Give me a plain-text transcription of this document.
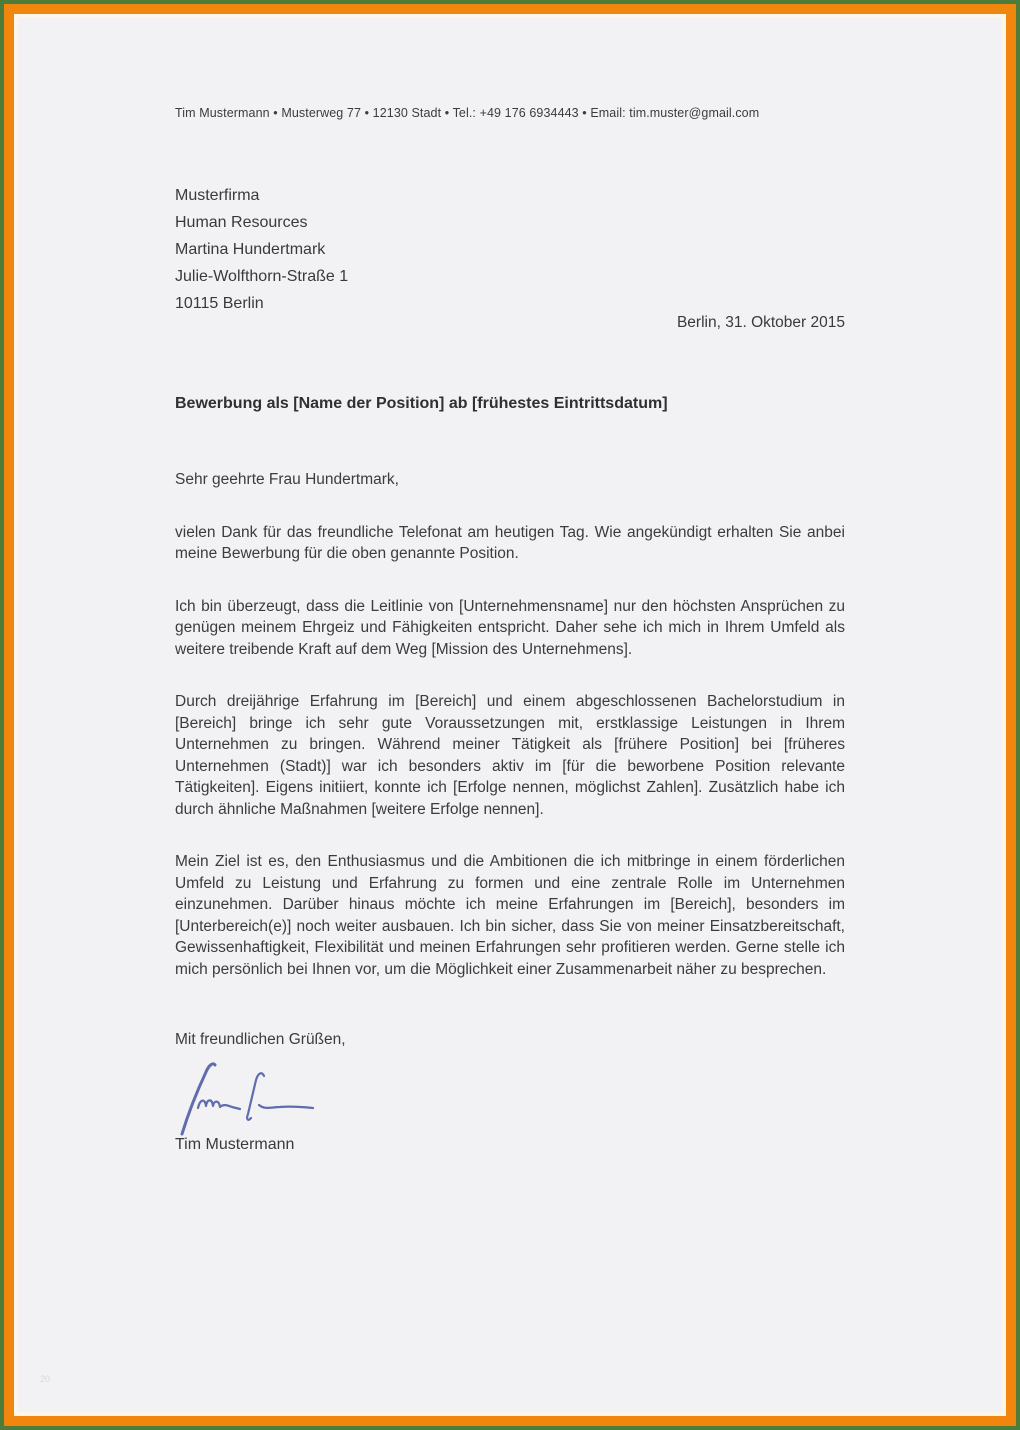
Tim Mustermann • Musterweg 77 • 12130 Stadt • Tel.: +49 176 6934443 • Email: tim.muster@gmail.com
Musterfirma
Human Resources
Martina Hundertmark
Julie-Wolfthorn-Straße 1
10115 Berlin
Berlin, 31. Oktober 2015
Bewerbung als [Name der Position] ab [frühestes Eintrittsdatum]

Sehr geehrte Frau Hundertmark,

vielen Dank für das freundliche Telefonat am heutigen Tag. Wie angekündigt erhalten Sie anbei meine Bewerbung für die oben genannte Position.

Ich bin überzeugt, dass die Leitlinie von [Unternehmensname] nur den höchsten Ansprüchen zu genügen meinem Ehrgeiz und Fähigkeiten entspricht. Daher sehe ich mich in Ihrem Umfeld als weitere treibende Kraft auf dem Weg [Mission des Unternehmens].

Durch dreijährige Erfahrung im [Bereich] und einem abgeschlossenen Bachelorstudium in [Bereich] bringe ich sehr gute Voraussetzungen mit, erstklassige Leistungen in Ihrem Unternehmen zu bringen. Während meiner Tätigkeit als [frühere Position] bei [früheres Unternehmen (Stadt)] war ich besonders aktiv im [für die beworbene Position relevante Tätigkeiten]. Eigens initiiert, konnte ich [Erfolge nennen, möglichst Zahlen]. Zusätzlich habe ich durch ähnliche Maßnahmen [weitere Erfolge nennen].

Mein Ziel ist es, den Enthusiasmus und die Ambitionen die ich mitbringe in einem förderlichen Umfeld zu Leistung und Erfahrung zu formen und eine zentrale Rolle im Unternehmen einzunehmen. Darüber hinaus möchte ich meine Erfahrungen im [Bereich], besonders im [Unterbereich(e)] noch weiter ausbauen. Ich bin sicher, dass Sie von meiner Einsatzbereitschaft, Gewissenhaftigkeit, Flexibilität und meinen Erfahrungen sehr profitieren werden. Gerne stelle ich mich persönlich bei Ihnen vor, um die Möglichkeit einer Zusammenarbeit näher zu besprechen.

Mit freundlichen Grüßen,
Tim Mustermann
20
